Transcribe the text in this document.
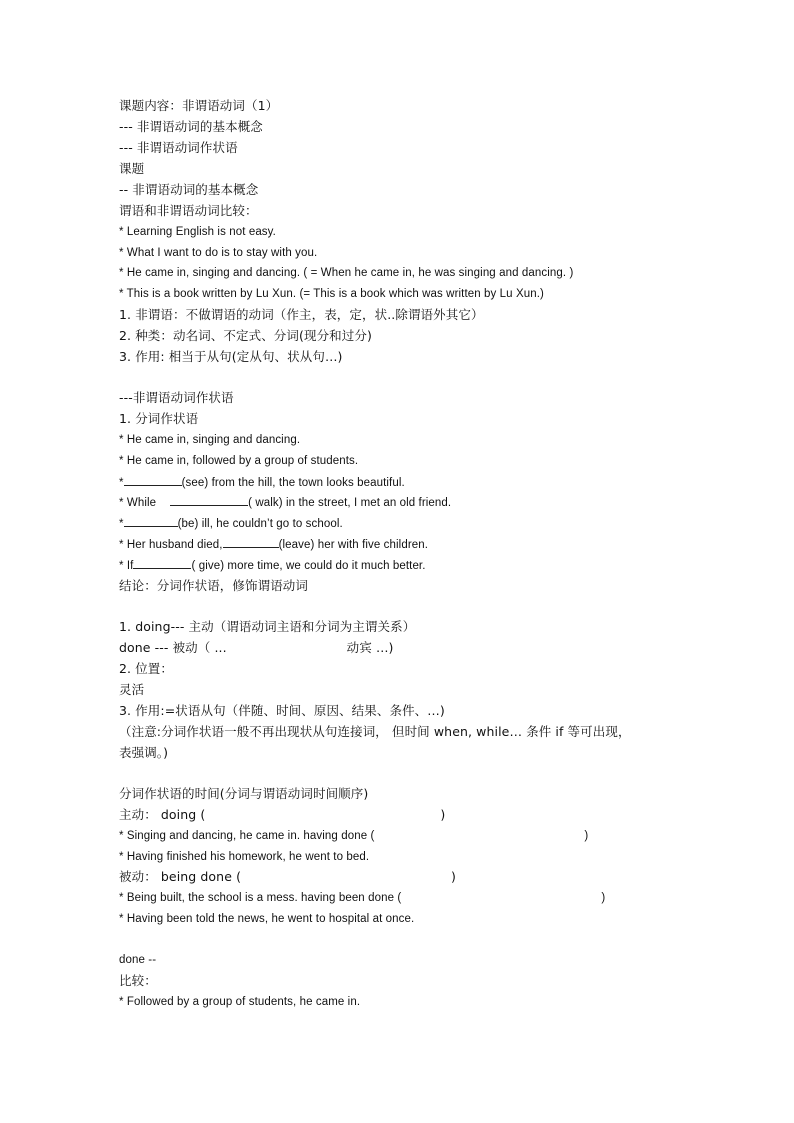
课题内容：非谓语动词（1）
--- 非谓语动词的基本概念
--- 非谓语动词作状语
课题
-- 非谓语动词的基本概念
谓语和非谓语动词比较：
* Learning English is not easy.
* What I want to do is to stay with you.
* He came in, singing and dancing. ( = When he came in, he was singing and dancing. )
* This is a book written by Lu Xun. (= This is a book which was written by Lu Xun.)
1. 非谓语：不做谓语的动词（作主，表，定，状..除谓语外其它）
2. 种类：动名词、不定式、分词(现分和过分)
3. 作用: 相当于从句(定从句、状从句…)
---非谓语动词作状语
1. 分词作状语
* He came in, singing and dancing.
* He came in, followed by a group of students.
*	(see) from the hill, the town looks beautiful.
* While	( walk) in the street, I met an old friend.
*	(be) ill, he couldn’t go to school.
* Her husband died,	(leave) her with five children.
* If	( give) more time, we could do it much better.
结论：分词作状语，修饰谓语动词
1. doing--- 主动（谓语动词主语和分词为主谓关系）
done --- 被动（ ...	动宾 …)
2. 位置：
灵活
3. 作用:=状语从句（伴随、时间、原因、结果、条件、…)
（注意:分词作状语一般不再出现状从句连接词， 但时间 when, while… 条件 if 等可出现，
表强调。)
分词作状语的时间(分词与谓语动词时间顺序)
主动： doing (	)
* Singing and dancing, he came in. having done (	)
* Having finished his homework, he went to bed.
被动： being done (	)
* Being built, the school is a mess. having been done (	)
* Having been told the news, he went to hospital at once.
done --
比较：
* Followed by a group of students, he came in.
